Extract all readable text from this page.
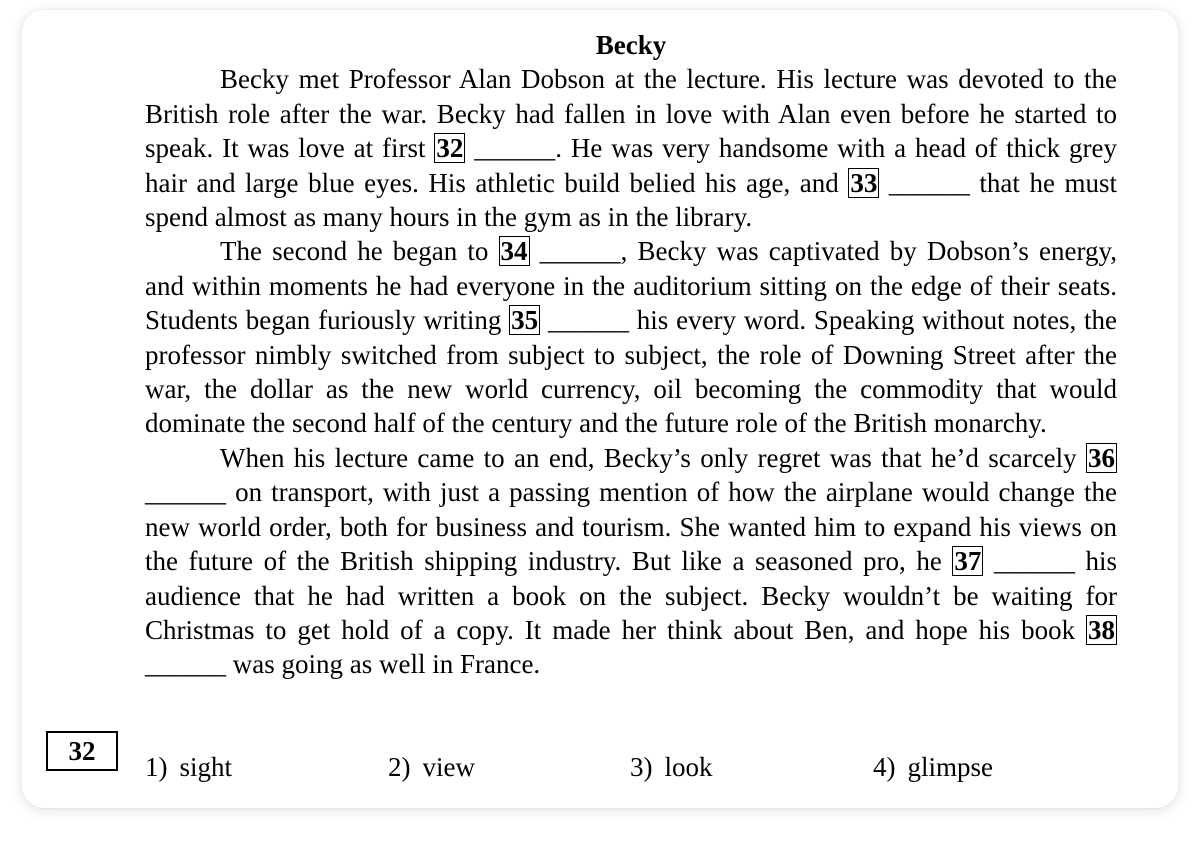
Becky

Becky met Professor Alan Dobson at the lecture. His lecture was devoted to the British role after the war. Becky had fallen in love with Alan even before he started to speak. It was love at first 32 ______. He was very handsome with a head of thick grey hair and large blue eyes. His athletic build belied his age, and 33 ______ that he must spend almost as many hours in the gym as in the library.

The second he began to 34 ______, Becky was captivated by Dobson’s energy, and within moments he had everyone in the auditorium sitting on the edge of their seats. Students began furiously writing 35 ______ his every word. Speaking without notes, the professor nimbly switched from subject to subject, the role of Downing Street after the war, the dollar as the new world currency, oil becoming the commodity that would dominate the second half of the century and the future role of the British monarchy.

When his lecture came to an end, Becky’s only regret was that he’d scarcely 36 ______ on transport, with just a passing mention of how the airplane would change the new world order, both for business and tourism. She wanted him to expand his views on the future of the British shipping industry. But like a seasoned pro, he 37 ______ his audience that he had written a book on the subject. Becky wouldn’t be waiting for Christmas to get hold of a copy. It made her think about Ben, and hope his book 38 ______ was going as well in France.

32
1) sight	2) view	3) look	4) glimpse
